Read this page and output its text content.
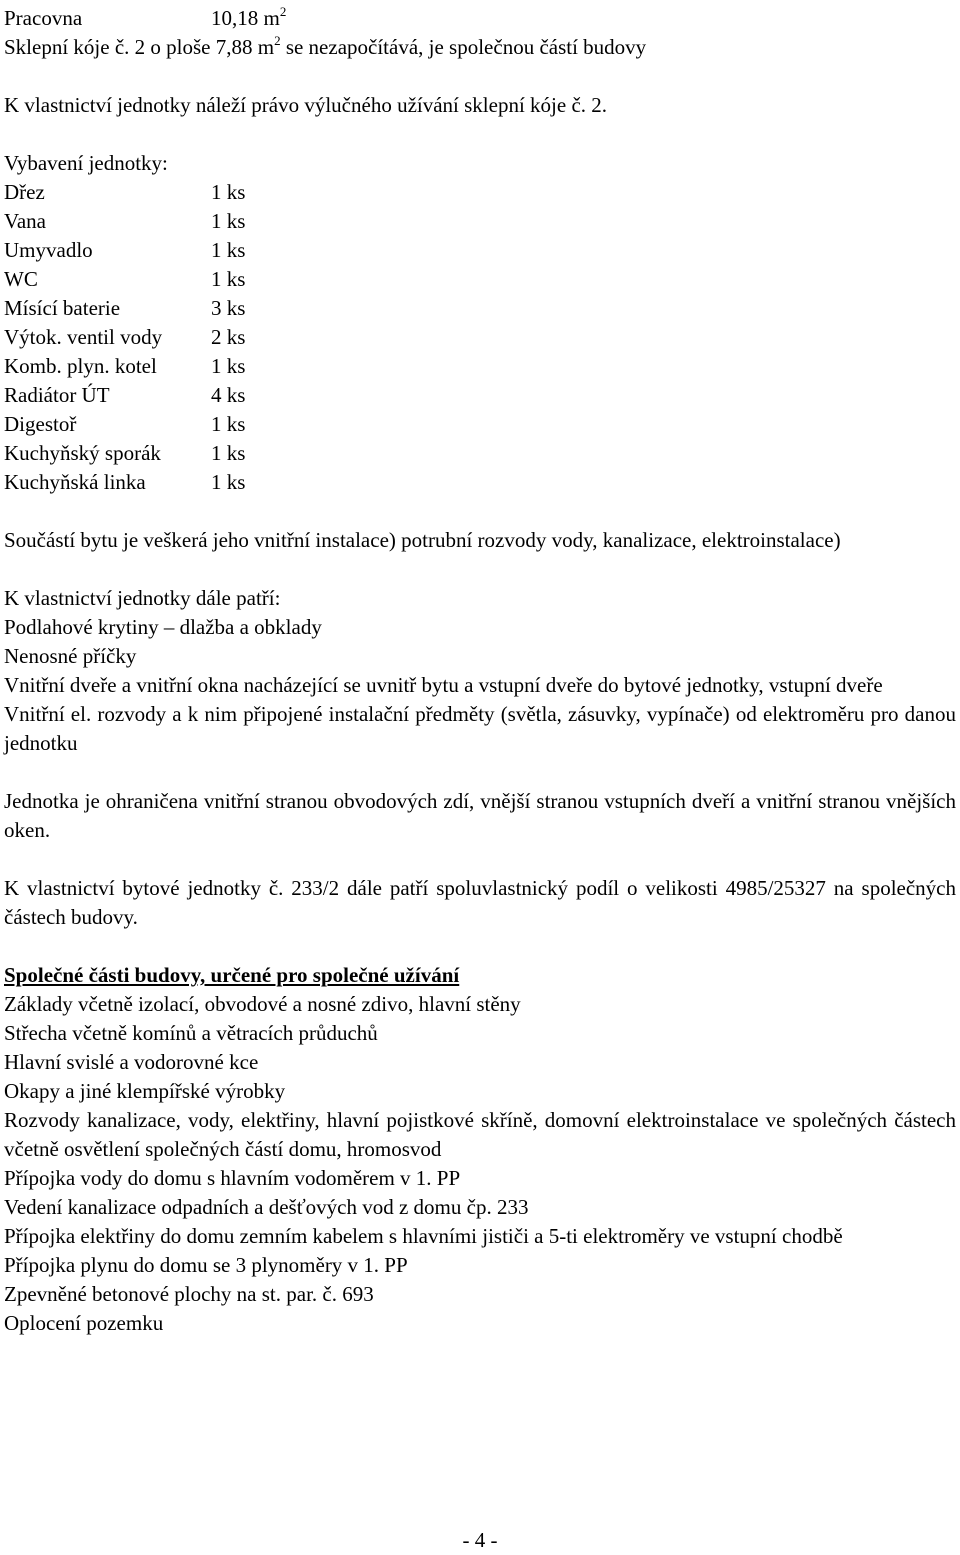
Pracovna	10,18 $m^2$
Sklepní kóje č. 2 o ploše 7,88 $m^2$ se nezapočítává, je společnou částí budovy

K vlastnictví jednotky náleží právo výlučného užívání sklepní kóje č. 2.

Vybavení jednotky:

Dřez	1 ks
Vana	1 ks
Umyvadlo	1 ks
WC	1 ks
Mísící baterie	3 ks
Výtok. ventil vody	2 ks
Komb. plyn. kotel	1 ks
Radiátor ÚT	4 ks
Digestoř	1 ks
Kuchyňský sporák	1 ks
Kuchyňská linka	1 ks

Součástí bytu je veškerá jeho vnitřní instalace) potrubní rozvody vody, kanalizace, elektroinstalace)

K vlastnictví jednotky dále patří:

Podlahové krytiny – dlažba a obklady

Nenosné příčky

Vnitřní dveře a vnitřní okna nacházející se uvnitř bytu a vstupní dveře do bytové jednotky, vstupní dveře

Vnitřní el. rozvody a k nim připojené instalační předměty (světla, zásuvky, vypínače) od elektroměru pro danou jednotku

Jednotka je ohraničena vnitřní stranou obvodových zdí, vnější stranou vstupních dveří a vnitřní stranou vnějších oken.

K vlastnictví bytové jednotky č. 233/2 dále patří spoluvlastnický podíl o velikosti 4985/25327 na společných částech budovy.

Společné části budovy, určené pro společné užívání

Základy včetně izolací, obvodové a nosné zdivo, hlavní stěny

Střecha včetně komínů a větracích průduchů

Hlavní svislé a vodorovné kce

Okapy a jiné klempířské výrobky

Rozvody kanalizace, vody, elektřiny, hlavní pojistkové skříně, domovní elektroinstalace ve společných částech včetně osvětlení společných částí domu, hromosvod

Přípojka vody do domu s hlavním vodoměrem v 1. PP

Vedení kanalizace odpadních a dešťových vod z domu čp. 233

Přípojka elektřiny do domu zemním kabelem s hlavními jističi a 5-ti elektroměry ve vstupní chodbě

Přípojka plynu do domu se 3 plynoměry v 1. PP

Zpevněné betonové plochy na st. par. č. 693

Oplocení pozemku

- 4 -
